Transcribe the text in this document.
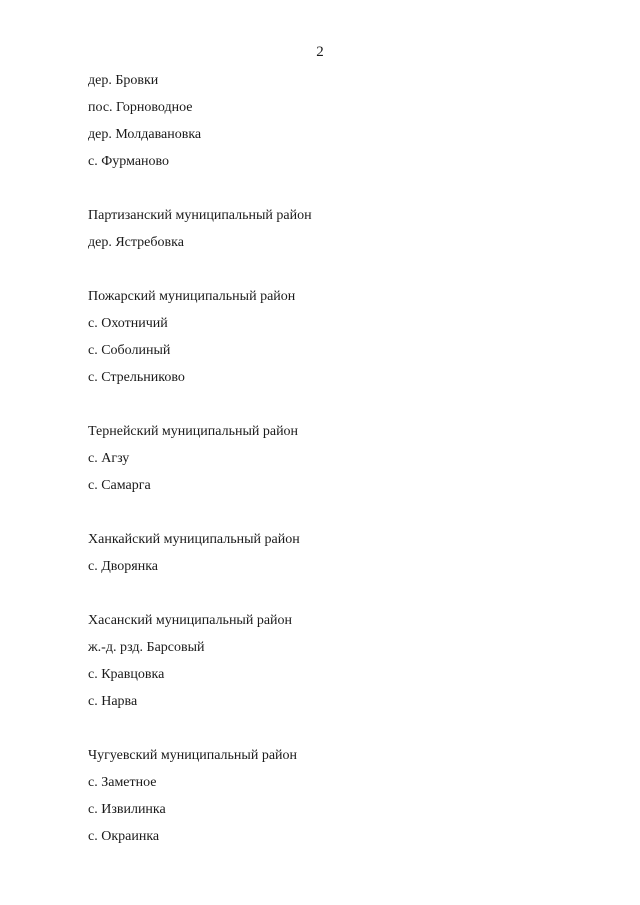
2
дер. Бровки
пос. Горноводное
дер. Молдавановка
с. Фурманово
Партизанский муниципальный район
дер. Ястребовка
Пожарский муниципальный район
с. Охотничий
с. Соболиный
с. Стрельниково
Тернейский муниципальный район
с. Агзу
с. Самарга
Ханкайский муниципальный район
с. Дворянка
Хасанский муниципальный район
ж.-д. рзд. Барсовый
с. Кравцовка
с. Нарва
Чугуевский муниципальный район
с. Заметное
с. Извилинка
с. Окраинка
